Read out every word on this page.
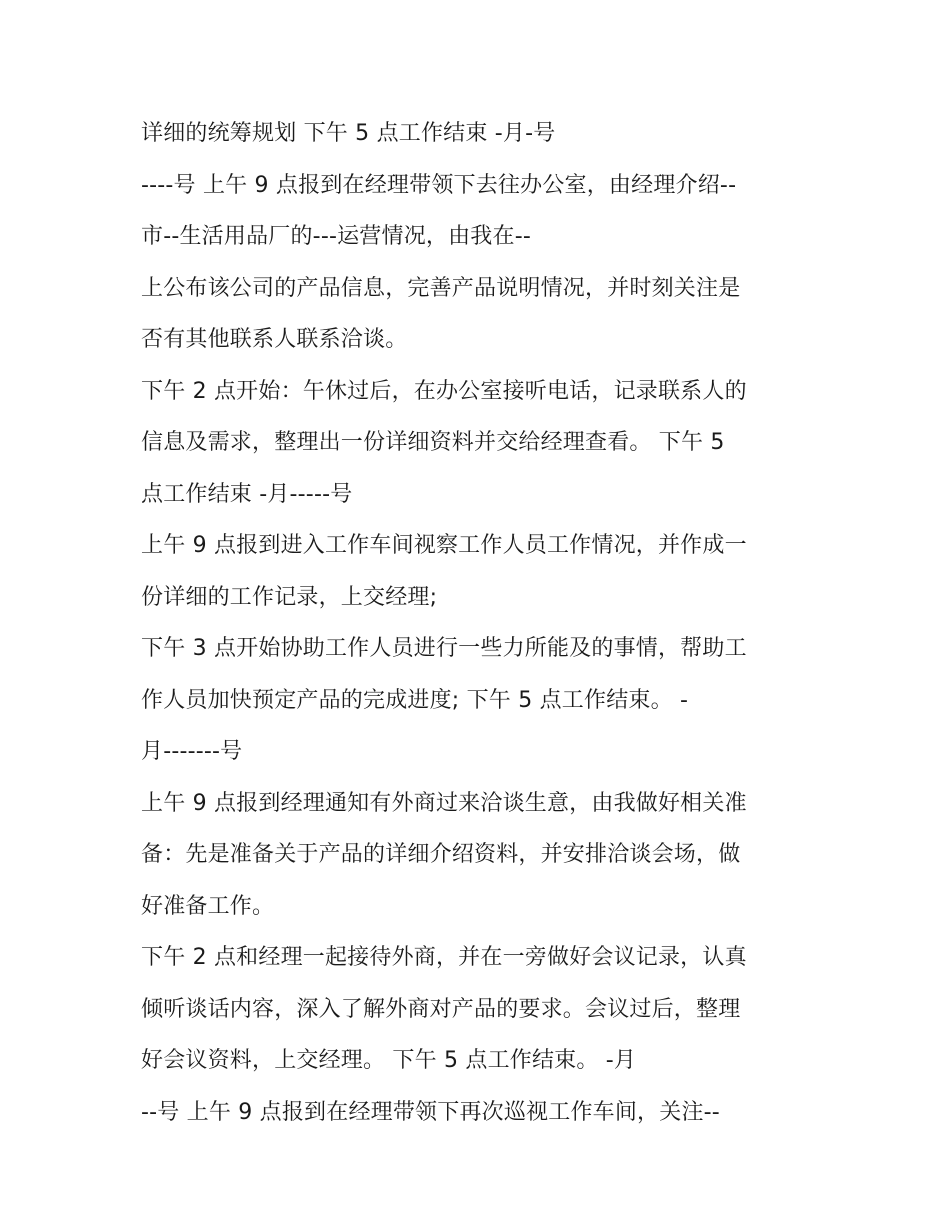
详细的统筹规划 下午 5 点工作结束 -月-号
----号 上午 9 点报到在经理带领下去往办公室，由经理介绍--
市--生活用品厂的---运营情况，由我在--
上公布该公司的产品信息，完善产品说明情况，并时刻关注是
否有其他联系人联系洽谈。
下午 2 点开始：午休过后，在办公室接听电话，记录联系人的
信息及需求，整理出一份详细资料并交给经理查看。 下午 5
点工作结束 -月-----号
上午 9 点报到进入工作车间视察工作人员工作情况，并作成一
份详细的工作记录，上交经理;
下午 3 点开始协助工作人员进行一些力所能及的事情，帮助工
作人员加快预定产品的完成进度; 下午 5 点工作结束。 -
月-------号
上午 9 点报到经理通知有外商过来洽谈生意，由我做好相关准
备：先是准备关于产品的详细介绍资料，并安排洽谈会场，做
好准备工作。
下午 2 点和经理一起接待外商，并在一旁做好会议记录，认真
倾听谈话内容，深入了解外商对产品的要求。会议过后，整理
好会议资料，上交经理。 下午 5 点工作结束。 -月
--号 上午 9 点报到在经理带领下再次巡视工作车间，关注--
